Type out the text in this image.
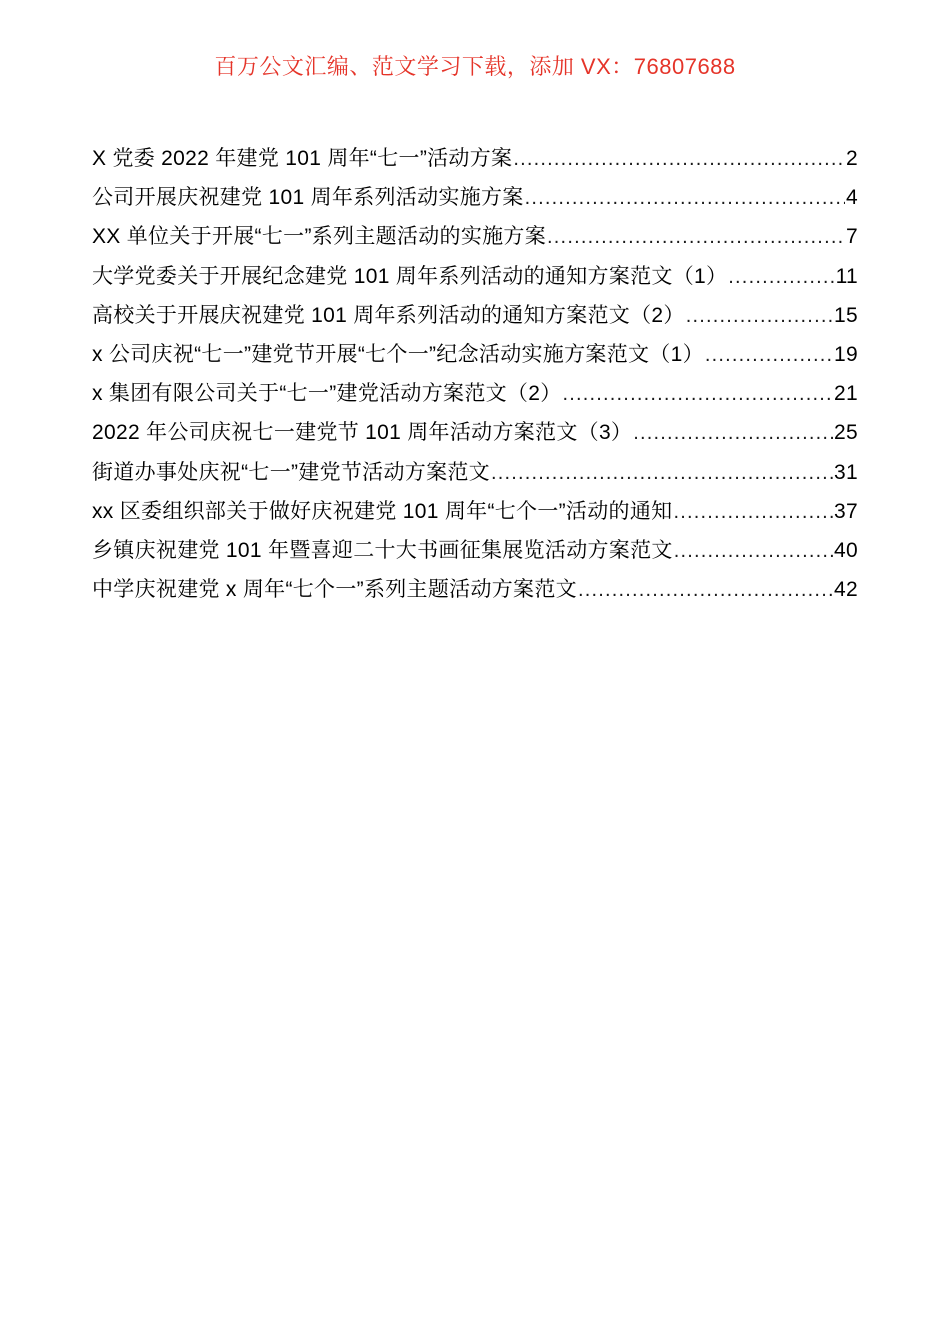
百万公文汇编、范文学习下载，添加 VX：76807688
X 党委 2022 年建党 101 周年“七一”活动方案 .....	2
公司开展庆祝建党 101 周年系列活动实施方案 .....	4
XX 单位关于开展“七一”系列主题活动的实施方案 .....	7
大学党委关于开展纪念建党 101 周年系列活动的通知方案范文（1） .....	11
高校关于开展庆祝建党 101 周年系列活动的通知方案范文（2） .....	15
x 公司庆祝“七一”建党节开展“七个一”纪念活动实施方案范文（1） .....	19
x 集团有限公司关于“七一”建党活动方案范文（2） .....	21
2022 年公司庆祝七一建党节 101 周年活动方案范文（3） .....	25
街道办事处庆祝“七一”建党节活动方案范文 .....	31
xx 区委组织部关于做好庆祝建党 101 周年“七个一”活动的通知 .....	37
乡镇庆祝建党 101 年暨喜迎二十大书画征集展览活动方案范文 .....	40
中学庆祝建党 x 周年“七个一”系列主题活动方案范文 .....	42
